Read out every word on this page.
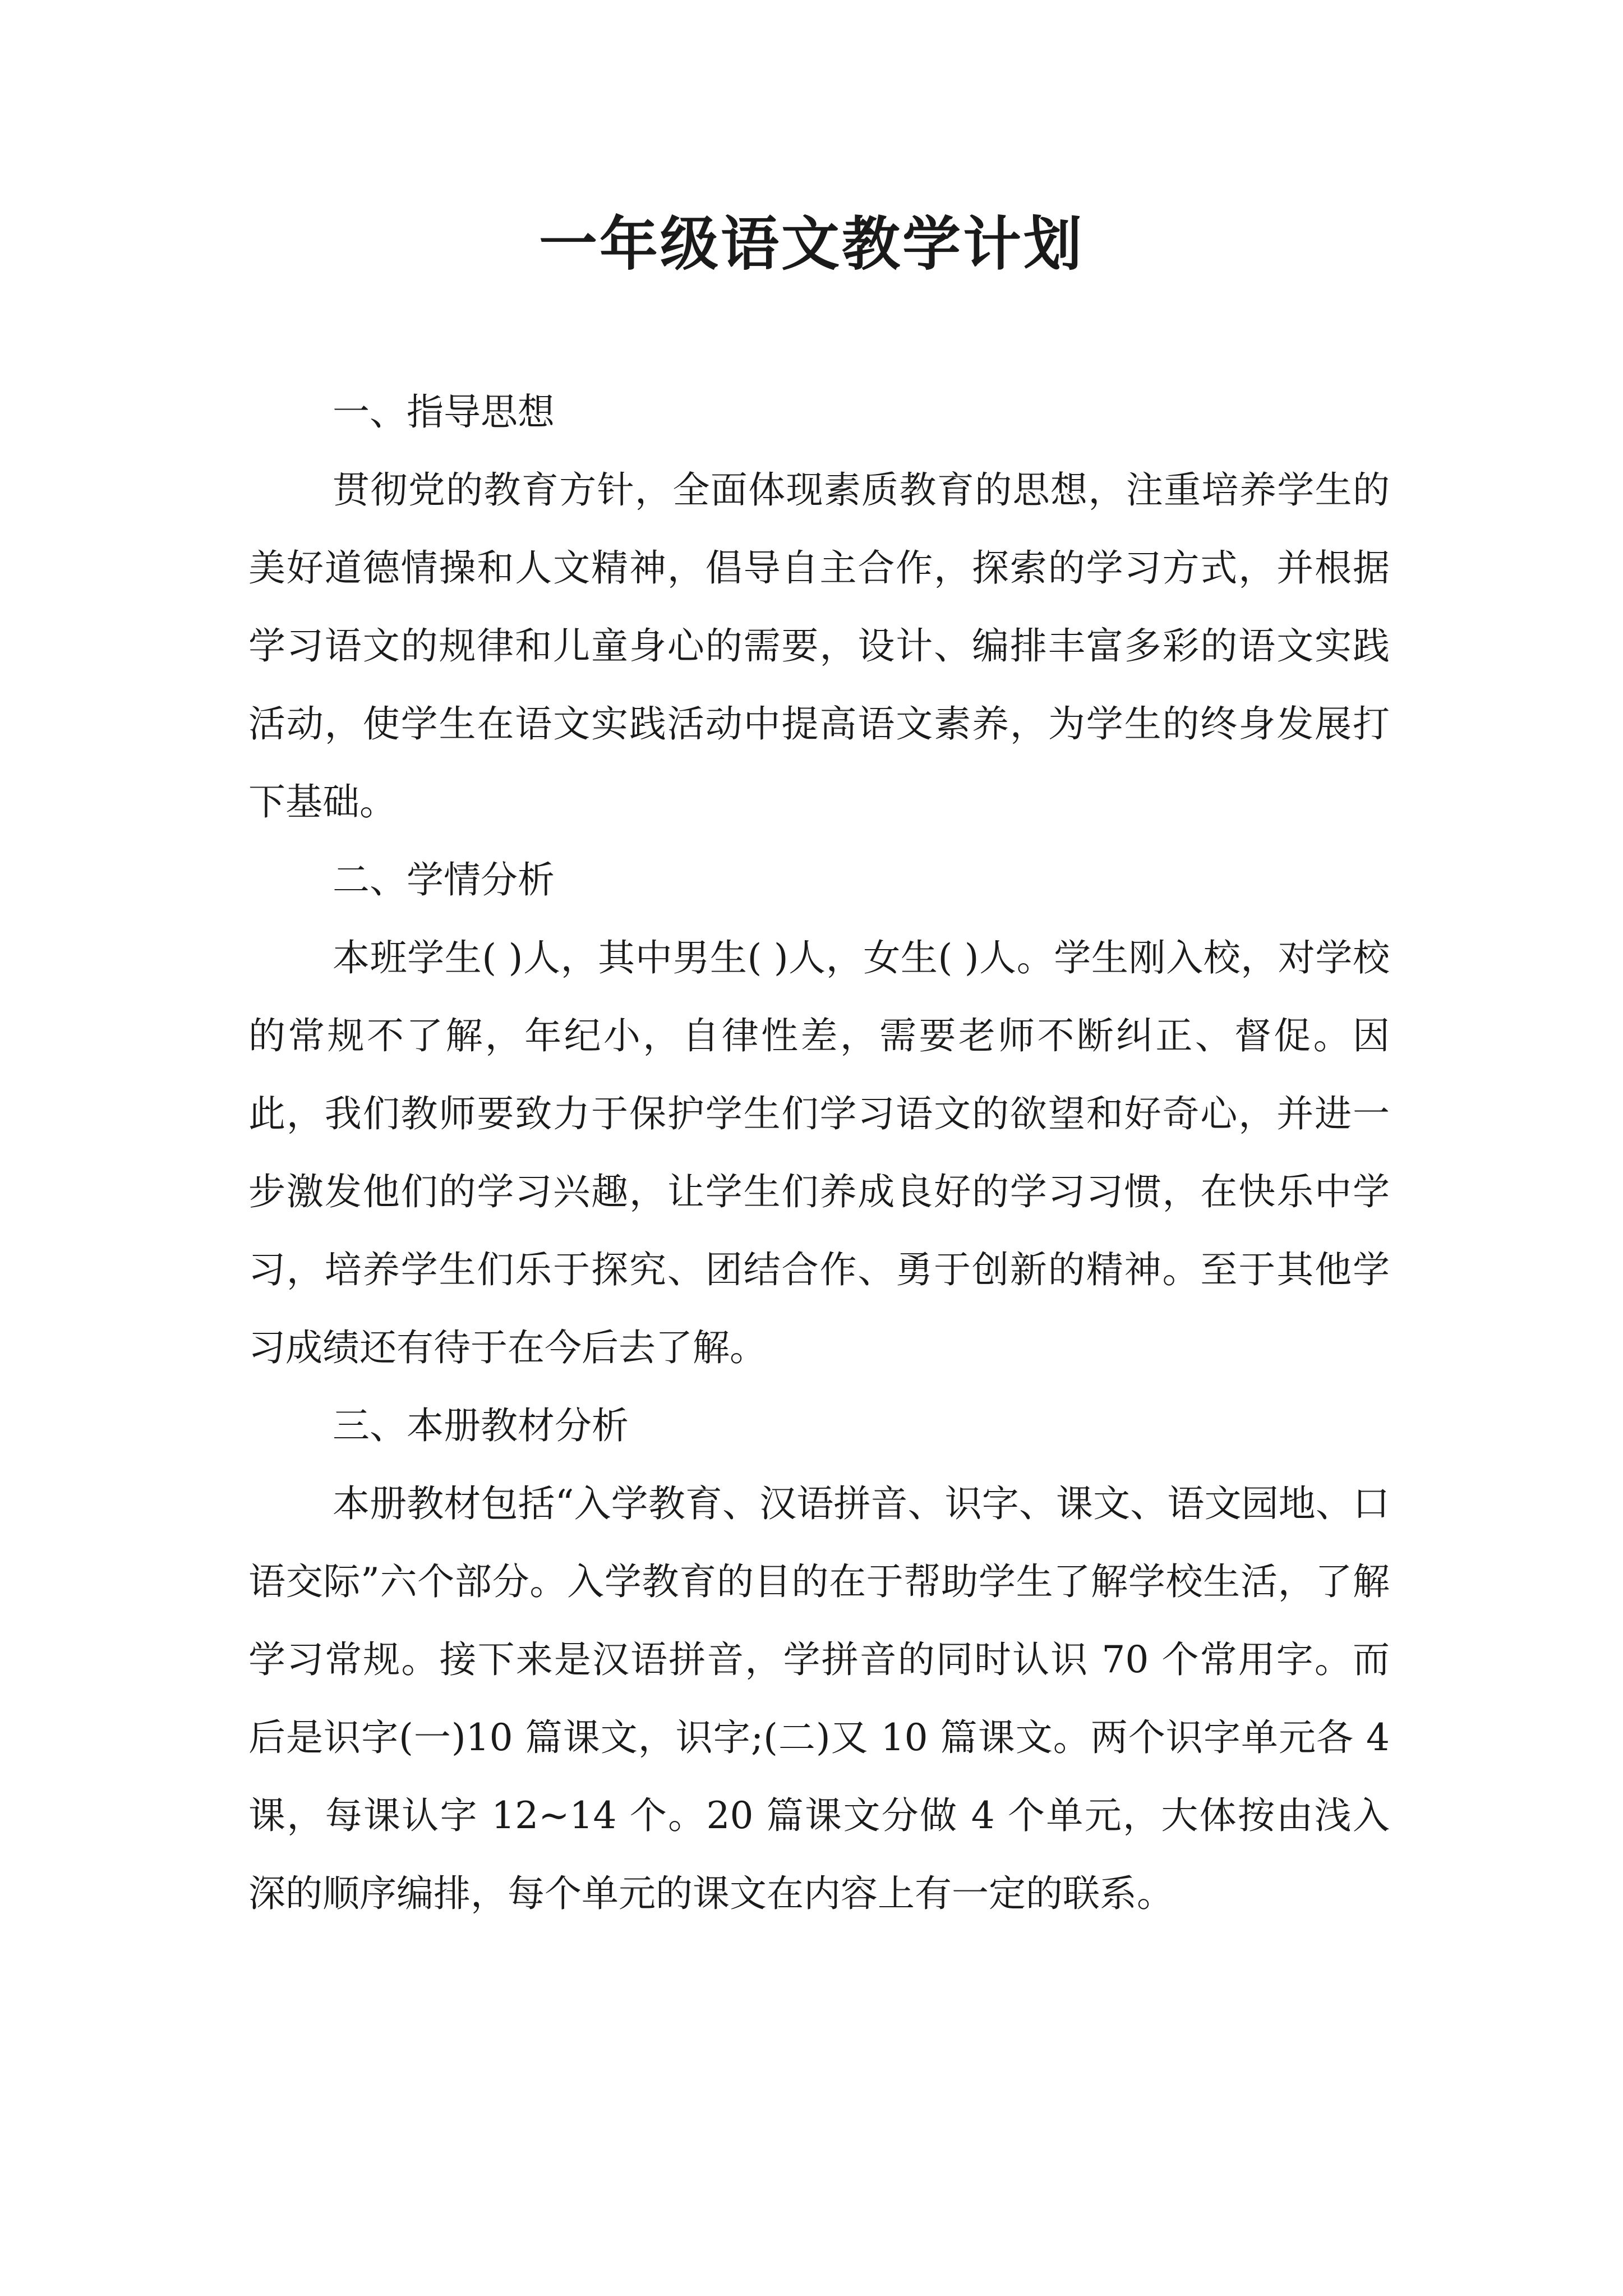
一年级语文教学计划

一、指导思想

贯彻党的教育方针，全面体现素质教育的思想，注重培养学生的美好道德情操和人文精神，倡导自主合作，探索的学习方式，并根据学习语文的规律和儿童身心的需要，设计、编排丰富多彩的语文实践活动，使学生在语文实践活动中提高语文素养，为学生的终身发展打下基础。

二、学情分析

本班学生( )人，其中男生( )人，女生( )人。学生刚入校，对学校的常规不了解，年纪小，自律性差，需要老师不断纠正、督促。因此，我们教师要致力于保护学生们学习语文的欲望和好奇心，并进一步激发他们的学习兴趣，让学生们养成良好的学习习惯，在快乐中学习，培养学生们乐于探究、团结合作、勇于创新的精神。至于其他学习成绩还有待于在今后去了解。

三、本册教材分析

本册教材包括“入学教育、汉语拼音、识字、课文、语文园地、口语交际”六个部分。入学教育的目的在于帮助学生了解学校生活，了解学习常规。接下来是汉语拼音，学拼音的同时认识 70 个常用字。而后是识字(一)10 篇课文，识字;(二)又 10 篇课文。两个识字单元各 4 课，每课认字 12~14 个。20 篇课文分做 4 个单元，大体按由浅入深的顺序编排，每个单元的课文在内容上有一定的联系。
